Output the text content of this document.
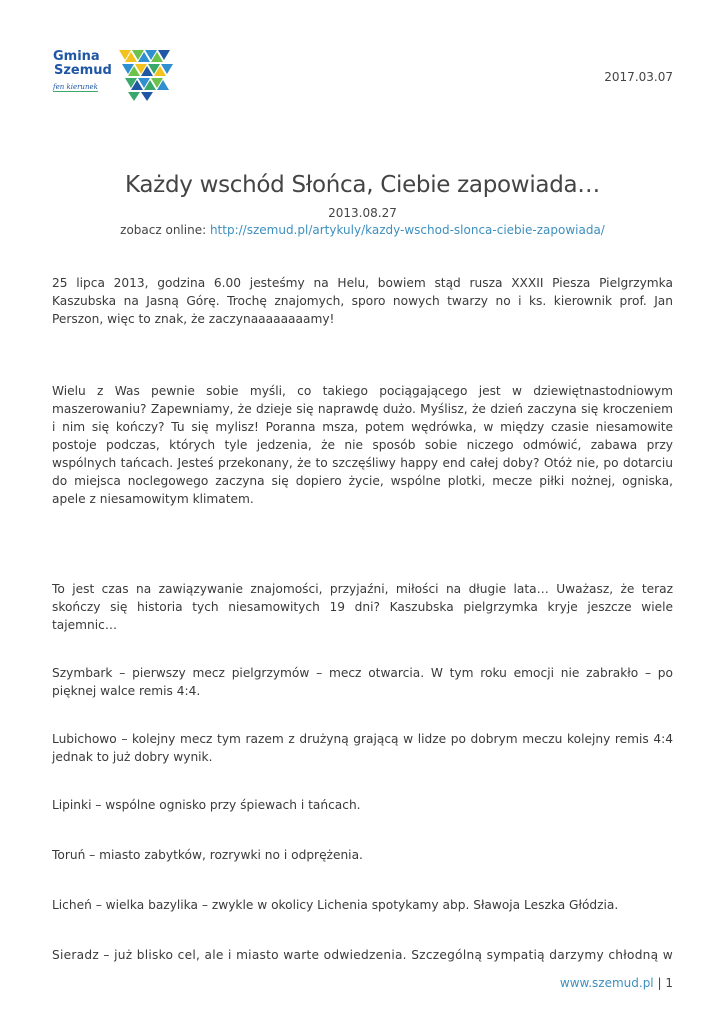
Gmina
Szemud
fen kierunek
2017.03.07
Każdy wschód Słońca, Ciebie zapowiada…
2013.08.27
zobacz online: http://szemud.pl/artykuly/kazdy-wschod-slonca-ciebie-zapowiada/

25 lipca 2013, godzina 6.00 jesteśmy na Helu, bowiem stąd rusza XXXII Piesza Pielgrzymka Kaszubska na Jasną Górę. Trochę znajomych, sporo nowych twarzy no i ks. kierownik prof. Jan Perszon, więc to znak, że zaczynaaaaaaaamy!

Wielu z Was pewnie sobie myśli, co takiego pociągającego jest w dziewiętnastodniowym maszerowaniu? Zapewniamy, że dzieje się naprawdę dużo. Myślisz, że dzień zaczyna się kroczeniem i nim się kończy? Tu się mylisz! Poranna msza, potem wędrówka, w między czasie niesamowite postoje podczas, których tyle jedzenia, że nie sposób sobie niczego odmówić, zabawa przy wspólnych tańcach. Jesteś przekonany, że to szczęśliwy happy end całej doby? Otóż nie, po dotarciu do miejsca noclegowego zaczyna się dopiero życie, wspólne plotki, mecze piłki nożnej, ogniska, apele z niesamowitym klimatem.

To jest czas na zawiązywanie znajomości, przyjaźni, miłości na długie lata… Uważasz, że teraz skończy się historia tych niesamowitych 19 dni? Kaszubska pielgrzymka kryje jeszcze wiele tajemnic…

Szymbark – pierwszy mecz pielgrzymów – mecz otwarcia. W tym roku emocji nie zabrakło – po pięknej walce remis 4:4.

Lubichowo – kolejny mecz tym razem z drużyną grającą w lidze po dobrym meczu kolejny remis 4:4 jednak to już dobry wynik.

Lipinki – wspólne ognisko przy śpiewach i tańcach.

Toruń – miasto zabytków, rozrywki no i odprężenia.

Licheń – wielka bazylika – zwykle w okolicy Lichenia spotykamy abp. Sławoja Leszka Głódzia.

Sieradz – już blisko cel, ale i miasto warte odwiedzenia. Szczególną sympatią darzymy chłodną w

www.szemud.pl | 1
